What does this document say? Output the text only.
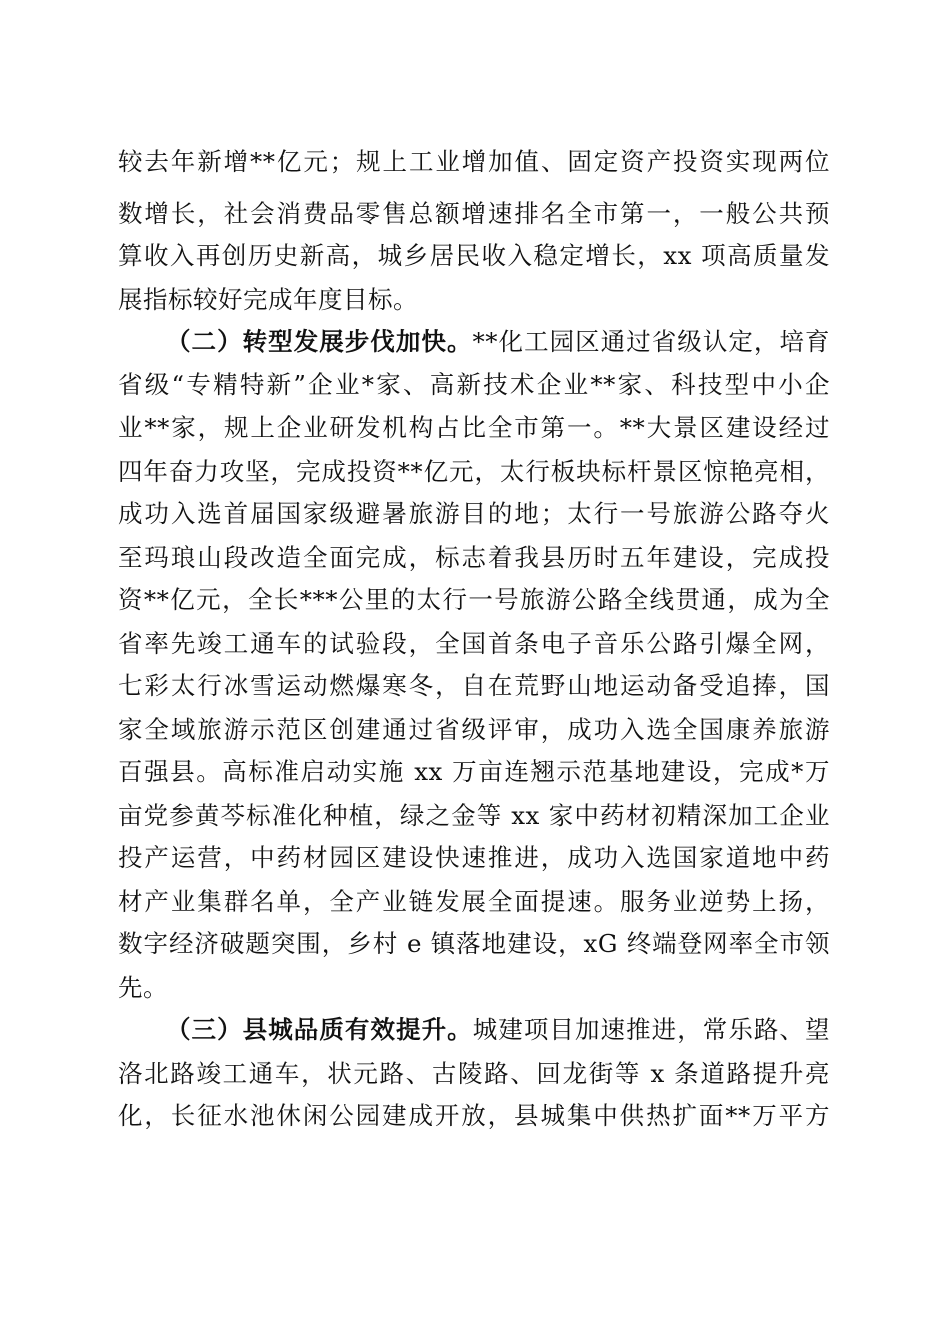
较去年新增**亿元；规上工业增加值、固定资产投资实现两位
数增长，社会消费品零售总额增速排名全市第一，一般公共预
算收入再创历史新高，城乡居民收入稳定增长，xx 项高质量发
展指标较好完成年度目标。
（二）转型发展步伐加快。**化工园区通过省级认定，培育
省级“专精特新”企业*家、高新技术企业**家、科技型中小企
业**家，规上企业研发机构占比全市第一。**大景区建设经过
四年奋力攻坚，完成投资**亿元，太行板块标杆景区惊艳亮相，
成功入选首届国家级避暑旅游目的地；太行一号旅游公路夺火
至玛琅山段改造全面完成，标志着我县历时五年建设，完成投
资**亿元，全长***公里的太行一号旅游公路全线贯通，成为全
省率先竣工通车的试验段，全国首条电子音乐公路引爆全网，
七彩太行冰雪运动燃爆寒冬，自在荒野山地运动备受追捧，国
家全域旅游示范区创建通过省级评审，成功入选全国康养旅游
百强县。高标准启动实施 xx 万亩连翘示范基地建设，完成*万
亩党参黄芩标准化种植，绿之金等 xx 家中药材初精深加工企业
投产运营，中药材园区建设快速推进，成功入选国家道地中药
材产业集群名单，全产业链发展全面提速。服务业逆势上扬，
数字经济破题突围，乡村 e 镇落地建设，xG 终端登网率全市领
先。
（三）县城品质有效提升。城建项目加速推进，常乐路、望
洛北路竣工通车，状元路、古陵路、回龙街等 x 条道路提升亮
化，长征水池休闲公园建成开放，县城集中供热扩面**万平方
